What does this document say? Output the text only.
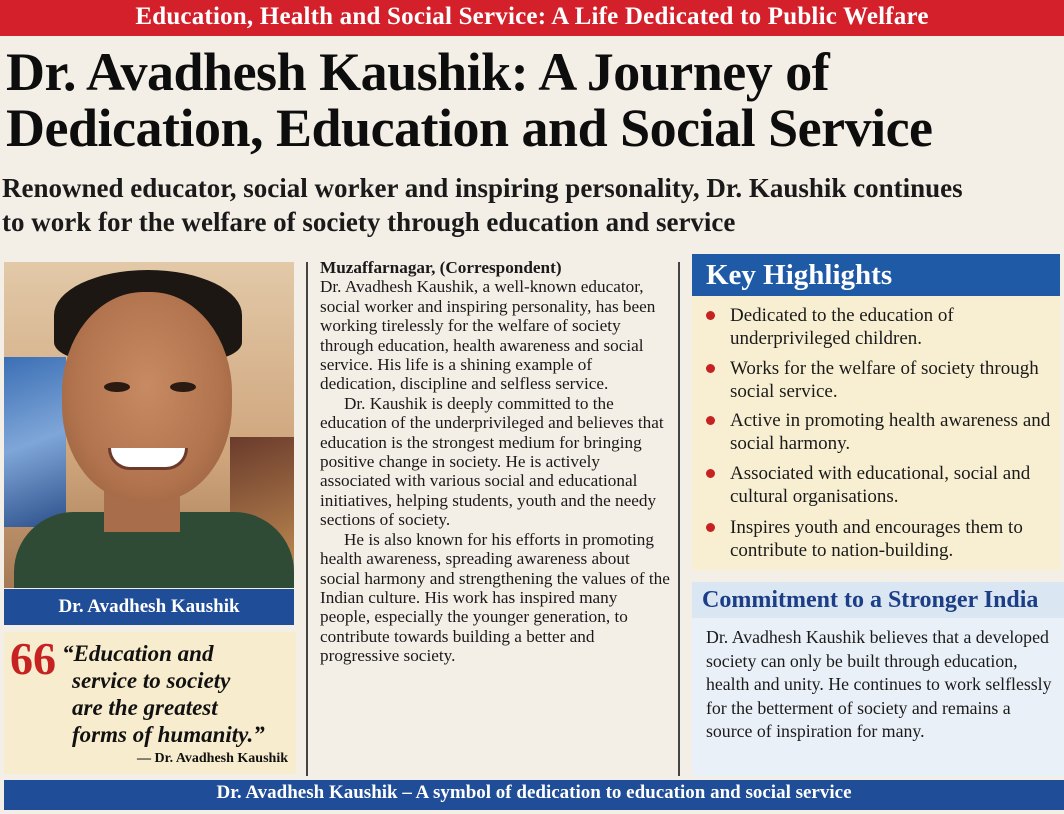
Education, Health and Social Service: A Life Dedicated to Public Welfare
Dr. Avadhesh Kaushik: A Journey of
Dedication, Education and Social Service
Renowned educator, social worker and inspiring personality, Dr. Kaushik continues
to work for the welfare of society through education and service
Dr. Avadhesh Kaushik
66 “Education and
service to society
are the greatest
forms of humanity.”
— Dr. Avadhesh Kaushik

Muzaffarnagar, (Correspondent)

Dr. Avadhesh Kaushik, a well-known educator, social worker and inspiring personality, has been working tirelessly for the welfare of society through education, health awareness and social service. His life is a shining example of dedication, discipline and selfless service.

Dr. Kaushik is deeply committed to the education of the underprivileged and believes that education is the strongest medium for bringing positive change in society. He is actively associated with various social and educational initiatives, helping students, youth and the needy sections of society.

He is also known for his efforts in promoting health awareness, spreading awareness about social harmony and strengthening the values of the Indian culture. His work has inspired many people, especially the younger generation, to contribute towards building a better and progressive society.

Key Highlights
Dedicated to the education of underprivileged children.
Works for the welfare of society through social service.
Active in promoting health awareness and social harmony.
Associated with educational, social and cultural organisations.
Inspires youth and encourages them to contribute to nation-building.
Commitment to a Stronger India
Dr. Avadhesh Kaushik believes that a developed society can only be built through education, health and unity. He continues to work selflessly for the betterment of society and remains a source of inspiration for many.
Dr. Avadhesh Kaushik – A symbol of dedication to education and social service
